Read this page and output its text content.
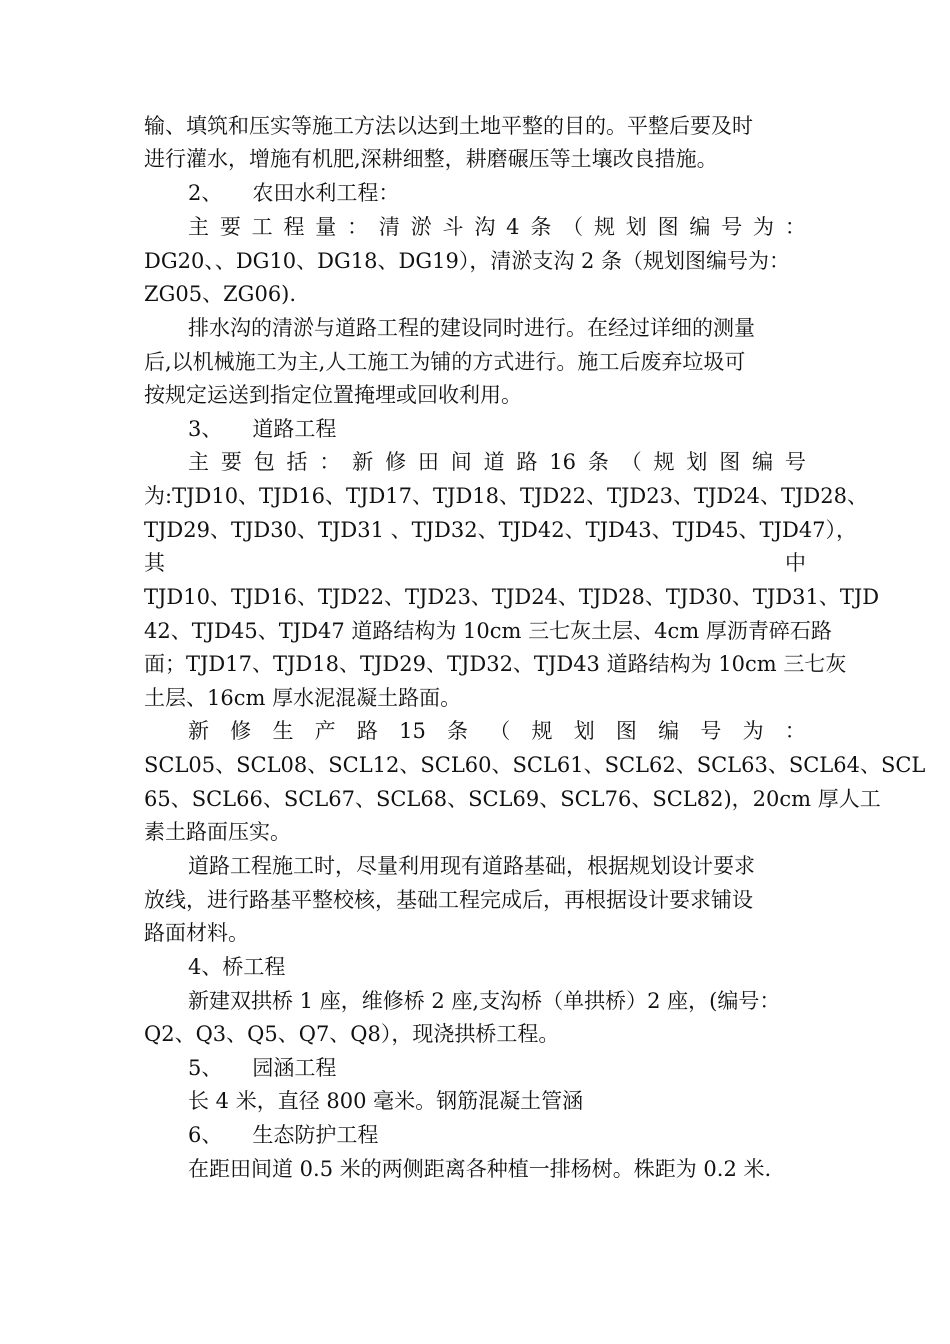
输、填筑和压实等施工方法以达到土地平整的目的。平整后要及时
进行灌水，增施有机肥,深耕细整，耕磨碾压等土壤改良措施。
2、 农田水利工程：
主 要 工 程 量 ： 清 淤 斗 沟 4 条 （ 规 划 图 编 号 为 ：
DG20、、DG10、DG18、DG19），清淤支沟 2 条（规划图编号为：
ZG05、ZG06).
排水沟的清淤与道路工程的建设同时进行。在经过详细的测量
后,以机械施工为主,人工施工为铺的方式进行。施工后废弃垃圾可
按规定运送到指定位置掩埋或回收利用。
3、 道路工程
主 要 包 括 ： 新 修 田 间 道 路 16 条 （ 规 划 图 编 号
为:TJD10、TJD16、TJD17、TJD18、TJD22、TJD23、TJD24、TJD28、
TJD29、TJD30、TJD31 、TJD32、TJD42、TJD43、TJD45、TJD47），
其	中
TJD10、TJD16、TJD22、TJD23、TJD24、TJD28、TJD30、TJD31、TJD
42、TJD45、TJD47 道路结构为 10cm 三七灰土层、4cm 厚沥青碎石路
面；TJD17、TJD18、TJD29、TJD32、TJD43 道路结构为 10cm 三七灰
土层、16cm 厚水泥混凝土路面。
新 修 生 产 路 15 条 （ 规 划 图 编 号 为 ：
SCL05、SCL08、SCL12、SCL60、SCL61、SCL62、SCL63、SCL64、SCL
65、SCL66、SCL67、SCL68、SCL69、SCL76、SCL82)，20cm 厚人工
素土路面压实。
道路工程施工时，尽量利用现有道路基础，根据规划设计要求
放线，进行路基平整校核，基础工程完成后，再根据设计要求铺设
路面材料。
4、桥工程
新建双拱桥 1 座，维修桥 2 座,支沟桥（单拱桥）2 座，(编号：
Q2、Q3、Q5、Q7、Q8），现浇拱桥工程。
5、 园涵工程
长 4 米，直径 800 毫米。钢筋混凝土管涵
6、 生态防护工程
在距田间道 0.5 米的两侧距离各种植一排杨树。株距为 0.2 米.
